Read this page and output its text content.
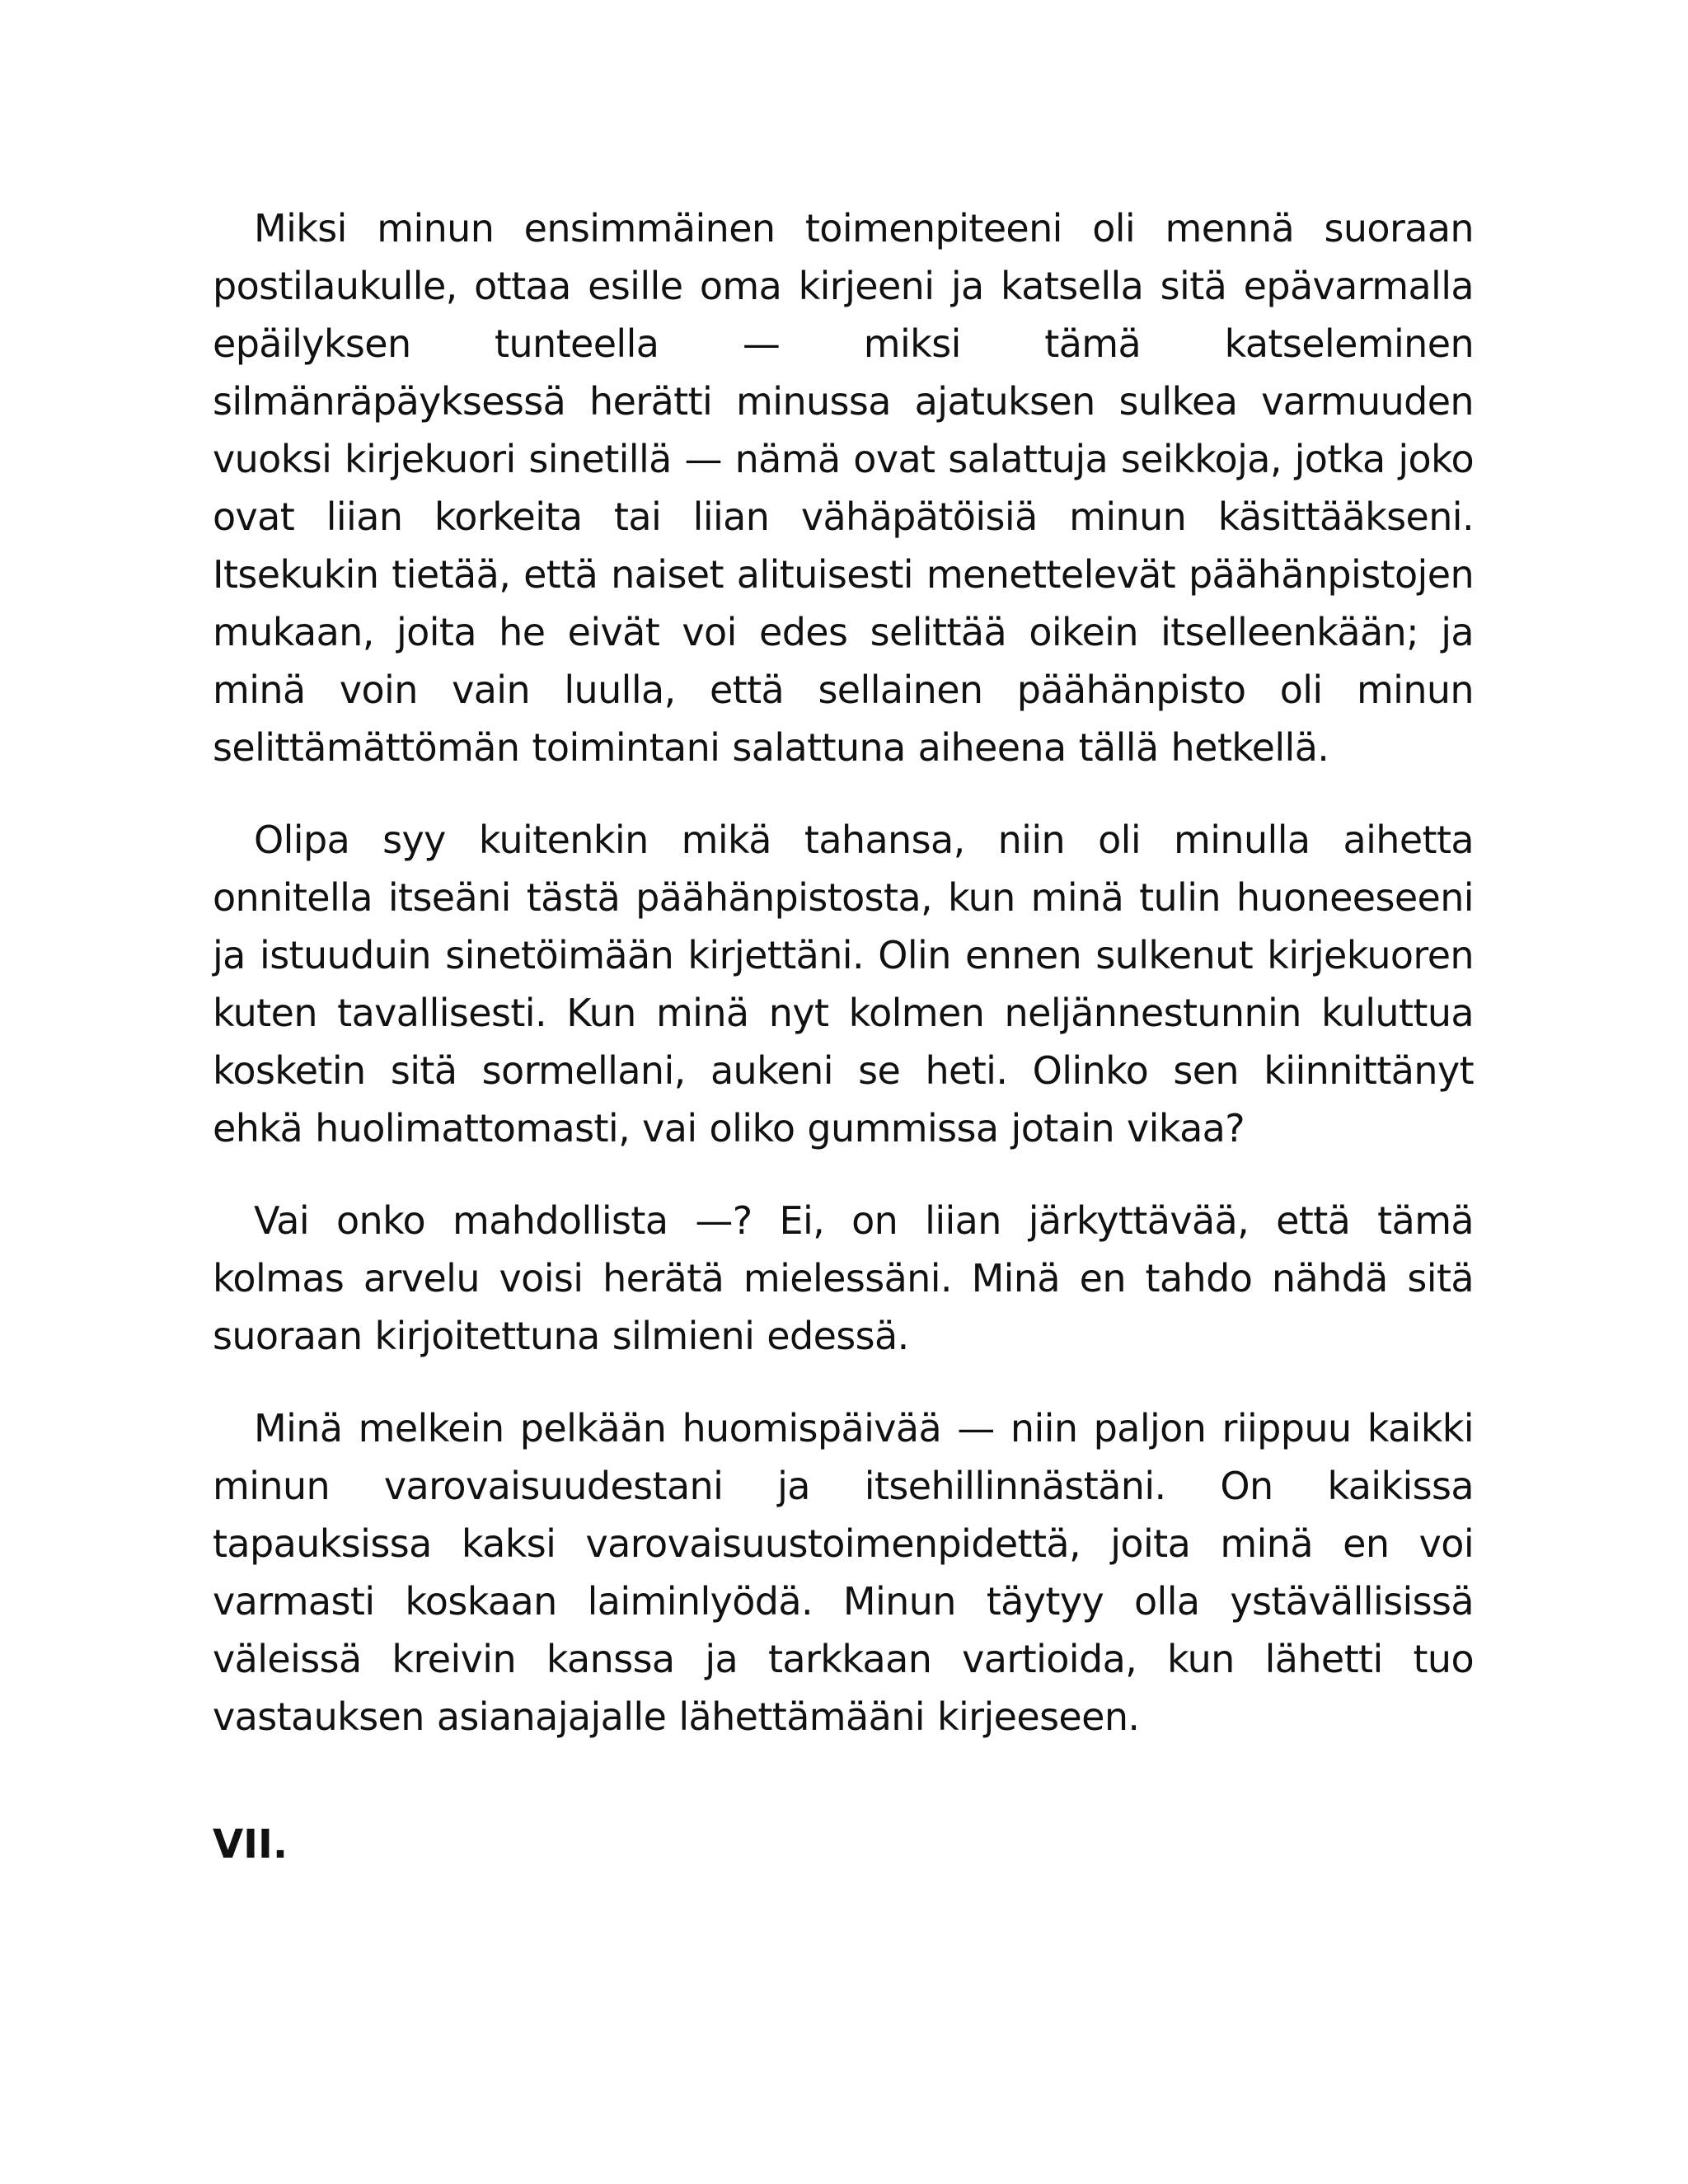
Miksi minun ensimmäinen toimenpiteeni oli mennä suoraan postilaukulle, ottaa esille oma kirjeeni ja katsella sitä epävarmalla epäilyksen tunteella — miksi tämä katseleminen silmänräpäyksessä herätti minussa ajatuksen sulkea varmuuden vuoksi kirjekuori sinetillä — nämä ovat salattuja seikkoja, jotka joko ovat liian korkeita tai liian vähäpätöisiä minun käsittääkseni. Itsekukin tietää, että naiset alituisesti menettelevät päähänpistojen mukaan, joita he eivät voi edes selittää oikein itselleenkään; ja minä voin vain luulla, että sellainen päähänpisto oli minun selittämättömän toimintani salattuna aiheena tällä hetkellä.

Olipa syy kuitenkin mikä tahansa, niin oli minulla aihetta onnitella itseäni tästä päähänpistosta, kun minä tulin huoneeseeni ja istuuduin sinetöimään kirjettäni. Olin ennen sulkenut kirjekuoren kuten tavallisesti. Kun minä nyt kolmen neljännestunnin kuluttua kosketin sitä sormellani, aukeni se heti. Olinko sen kiinnittänyt ehkä huolimattomasti, vai oliko gummissa jotain vikaa?

Vai onko mahdollista —? Ei, on liian järkyttävää, että tämä kolmas arvelu voisi herätä mielessäni. Minä en tahdo nähdä sitä suoraan kirjoitettuna silmieni edessä.

Minä melkein pelkään huomispäivää — niin paljon riippuu kaikki minun varovaisuudestani ja itsehillinnästäni. On kaikissa tapauksissa kaksi varovaisuustoimenpidettä, joita minä en voi varmasti koskaan laiminlyödä. Minun täytyy olla ystävällisissä väleissä kreivin kanssa ja tarkkaan vartioida, kun lähetti tuo vastauksen asianajajalle lähettämääni kirjeeseen.

VII.
